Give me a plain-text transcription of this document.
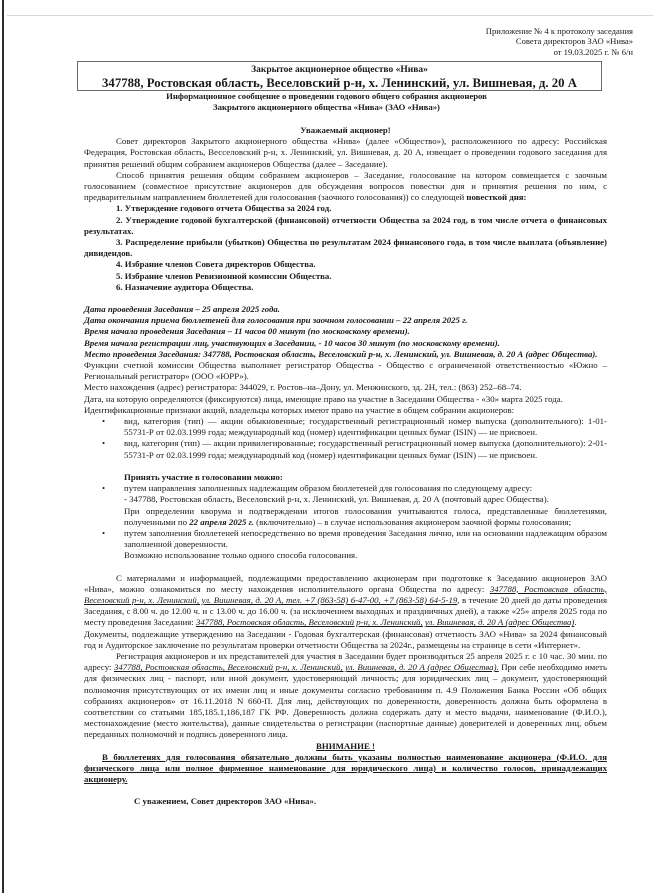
Приложение № 4 к протоколу заседания
Совета директоров ЗАО «Нива»
от 19.03.2025 г. № 6/н
Закрытое акционерное общество «Нива»
347788, Ростовская область, Веселовский р-н, х. Ленинский, ул. Вишневая, д. 20 А
Информационное сообщение о проведении годового общего собрания акционеров
Закрытого акционерного общества «Нива» (ЗАО «Нива»)

Уважаемый акционер!

Совет директоров Закрытого акционерного общества «Нива» (далее «Общество»), расположенного по адресу: Российская Федерация, Ростовская область, Весселовский р-н, х. Ленинский, ул. Вишневая, д. 20 А, извещает о проведении годового заседания для принятия решений общим собранием акционеров Общества (далее – Заседание).

Способ принятия решения общим собранием акционеров – Заседание, голосование на котором совмещается с заочным голосованием (совместное присутствие акционеров для обсуждения вопросов повестки дня и принятия решения по ним, с предварительным направлением бюллетеней для голосования (заочного голосования)) со следующей повесткой дня:

1. Утверждение годового отчета Общества за 2024 год.

2. Утверждение годовой бухгалтерской (финансовой) отчетности Общества за 2024 год, в том числе отчета о финансовых результатах.

3. Распределение прибыли (убытков) Общества по результатам 2024 финансового года, в том числе выплата (объявление) дивидендов.

4. Избрание членов Совета директоров Общества.

5. Избрание членов Ревизионной комиссии Общества.

6. Назначение аудитора Общества.

Дата проведения Заседания – 25 апреля 2025 года.

Дата окончания приема бюллетеней для голосования при заочном голосовании – 22 апреля 2025 г.

Время начала проведения Заседания – 11 часов 00 минут (по московскому времени).

Время начала регистрации лиц, участвующих в Заседании, - 10 часов 30 минут (по московскому времени).

Место проведения Заседания: 347788, Ростовская область, Веселовский р-н, х. Ленинский, ул. Вишневая, д. 20 А (адрес Общества).

Функции счетной комиссии Общества выполняет регистратор Общества - Общество с ограниченной ответственностью «Южно – Региональный регистратор» (ООО «ЮРР»).

Место нахождения (адрес) регистратора: 344029, г. Ростов–на–Дону, ул. Менжинского, зд. 2Н, тел.: (863) 252–68–74.

Дата, на которую определяются (фиксируются) лица, имеющие право на участие в Заседании Общества - «30» марта 2025 года.

Идентификационные признаки акций, владельцы которых имеют право на участие в общем собрании акционеров:

• вид, категория (тип) — акции обыкновенные; государственный регистрационный номер выпуска (дополнительного): 1-01-55731-Р от 02.03.1999 года; международный код (номер) идентификации ценных бумаг (ISIN) — не присвоен.
• вид, категория (тип) — акции привилегированные; государственный регистрационный номер выпуска (дополнительного): 2-01-55731-Р от 02.03.1999 года; международный код (номер) идентификации ценных бумаг (ISIN) — не присвоен.

Принять участие в голосовании можно:

• путем направления заполненных надлежащим образом бюллетеней для голосования по следующему адресу:

- 347788, Ростовская область, Веселовский р-н, х. Ленинский, ул. Вишневая, д. 20 А (почтовый адрес Общества).

При определении кворума и подтверждении итогов голосования учитываются голоса, представленные бюллетенями, полученными по 22 апреля 2025 г. (включительно) – в случае использования акционером заочной формы голосования;

• путем заполнения бюллетеней непосредственно во время проведения Заседания лично, или на основании надлежащим образом заполненной доверенности.

Возможно использование только одного способа голосования.

С материалами и информацией, подлежащими предоставлению акционерам при подготовке к Заседанию акционеров ЗАО «Нива», можно ознакомиться по месту нахождения исполнительного органа Общества по адресу: 347788, Ростовская область, Веселовский р-н, х. Ленинский, ул. Вишневая, д. 20 А, тел. +7 (863-58) 6-47-00, +7 (863-58) 64-5-19, в течение 20 дней до даты проведения Заседания, с 8.00 ч. до 12.00 ч. и с 13.00 ч. до 16.00 ч. (за исключением выходных и праздничных дней), а также «25» апреля 2025 года по месту проведения Заседания: 347788, Ростовская область, Веселовский р-н, х. Ленинский, ул. Вишневая, д. 20 А (адрес Общества).

Документы, подлежащие утверждению на Заседании - Годовая бухгалтерская (финансовая) отчетность ЗАО «Нива» за 2024 финансовый год и Аудиторское заключение по результатам проверки отчетности Общества за 2024г., размещены на странице в сети «Интернет».

Регистрация акционеров и их представителей для участия в Заседании будет производиться 25 апреля 2025 г. с 10 час. 30 мин. по адресу: 347788, Ростовская область, Веселовский р-н, х. Ленинский, ул. Вишневая, д. 20 А (адрес Общества). При себе необходимо иметь для физических лиц - паспорт, или иной документ, удостоверяющий личность; для юридических лиц – документ, удостоверяющий полномочия присутствующих от их имени лиц и иные документы согласно требованиям п. 4.9 Положения Банка России «Об общих собраниях акционеров» от 16.11.2018 N 660-П. Для лиц, действующих по доверенности, доверенность должна быть оформлена в соответствии со статьями 185,185.1,186,187 ГК РФ. Доверенность должна содержать дату и место выдачи, наименование (Ф.И.О.), местонахождение (место жительства), данные свидетельства о регистрации (паспортные данные) доверителей и доверенных лиц, объем переданных полномочий и подпись доверенного лица.

ВНИМАНИЕ !

В бюллетенях для голосования обязательно должны быть указаны полностью наименование акционера (Ф.И.О. для физического лица или полное фирменное наименование для юридического лица) и количество голосов, принадлежащих акционеру.

С уважением, Совет директоров ЗАО «Нива».
